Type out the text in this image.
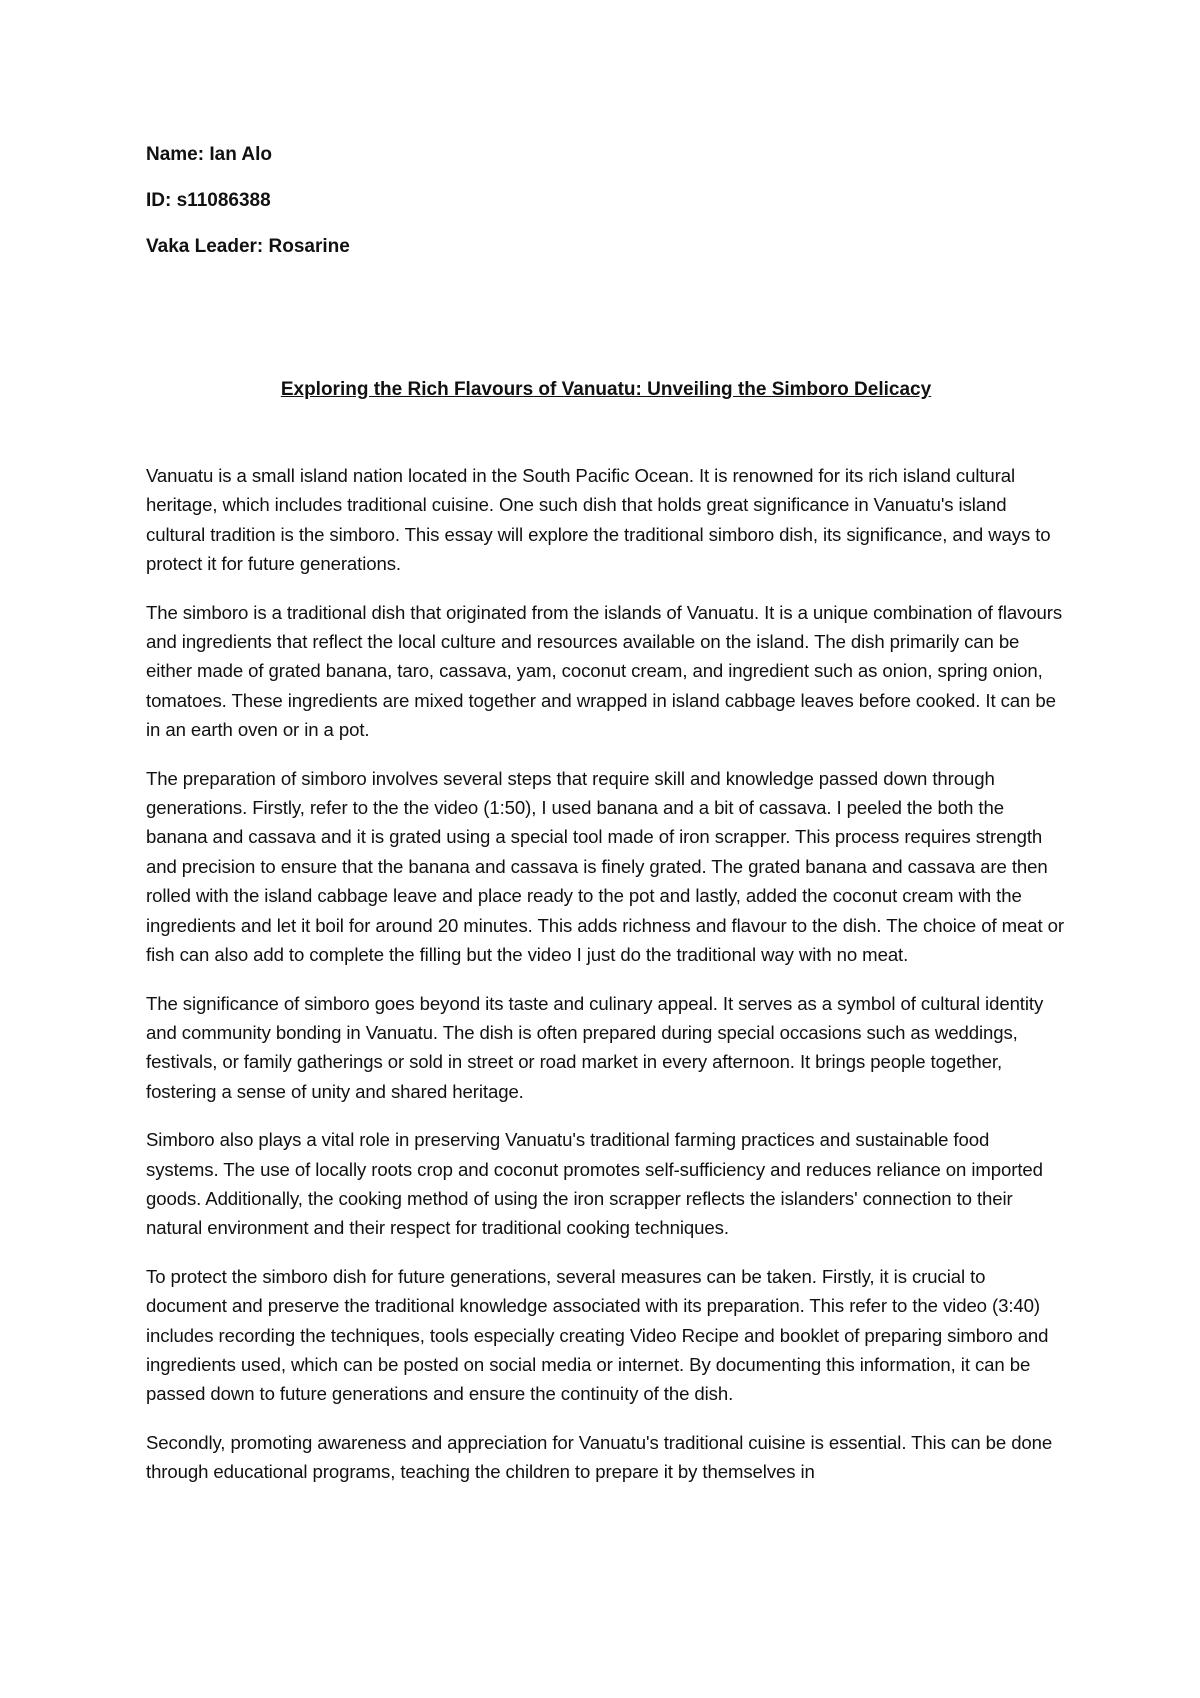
Name: Ian Alo

ID: s11086388

Vaka Leader: Rosarine

Exploring the Rich Flavours of Vanuatu: Unveiling the Simboro Delicacy

Vanuatu is a small island nation located in the South Pacific Ocean. It is renowned for its rich island cultural heritage, which includes traditional cuisine. One such dish that holds great significance in Vanuatu's island cultural tradition is the simboro. This essay will explore the traditional simboro dish, its significance, and ways to protect it for future generations.

The simboro is a traditional dish that originated from the islands of Vanuatu. It is a unique combination of flavours and ingredients that reflect the local culture and resources available on the island. The dish primarily can be either made of grated banana, taro, cassava, yam, coconut cream, and ingredient such as onion, spring onion, tomatoes. These ingredients are mixed together and wrapped in island cabbage leaves before cooked. It can be in an earth oven or in a pot.

The preparation of simboro involves several steps that require skill and knowledge passed down through generations. Firstly, refer to the the video (1:50), I used banana and a bit of cassava. I peeled the both the banana and cassava and it is grated using a special tool made of iron scrapper. This process requires strength and precision to ensure that the banana and cassava is finely grated. The grated banana and cassava are then rolled with the island cabbage leave and place ready to the pot and lastly, added the coconut cream with the ingredients and let it boil for around 20 minutes. This adds richness and flavour to the dish. The choice of meat or fish can also add to complete the filling but the video I just do the traditional way with no meat.

The significance of simboro goes beyond its taste and culinary appeal. It serves as a symbol of cultural identity and community bonding in Vanuatu. The dish is often prepared during special occasions such as weddings, festivals, or family gatherings or sold in street or road market in every afternoon. It brings people together, fostering a sense of unity and shared heritage.

Simboro also plays a vital role in preserving Vanuatu's traditional farming practices and sustainable food systems. The use of locally roots crop and coconut promotes self-sufficiency and reduces reliance on imported goods. Additionally, the cooking method of using the iron scrapper reflects the islanders' connection to their natural environment and their respect for traditional cooking techniques.

To protect the simboro dish for future generations, several measures can be taken. Firstly, it is crucial to document and preserve the traditional knowledge associated with its preparation. This refer to the video (3:40) includes recording the techniques, tools especially creating Video Recipe and booklet of preparing simboro and ingredients used, which can be posted on social media or internet. By documenting this information, it can be passed down to future generations and ensure the continuity of the dish.

Secondly, promoting awareness and appreciation for Vanuatu's traditional cuisine is essential. This can be done through educational programs, teaching the children to prepare it by themselves in
